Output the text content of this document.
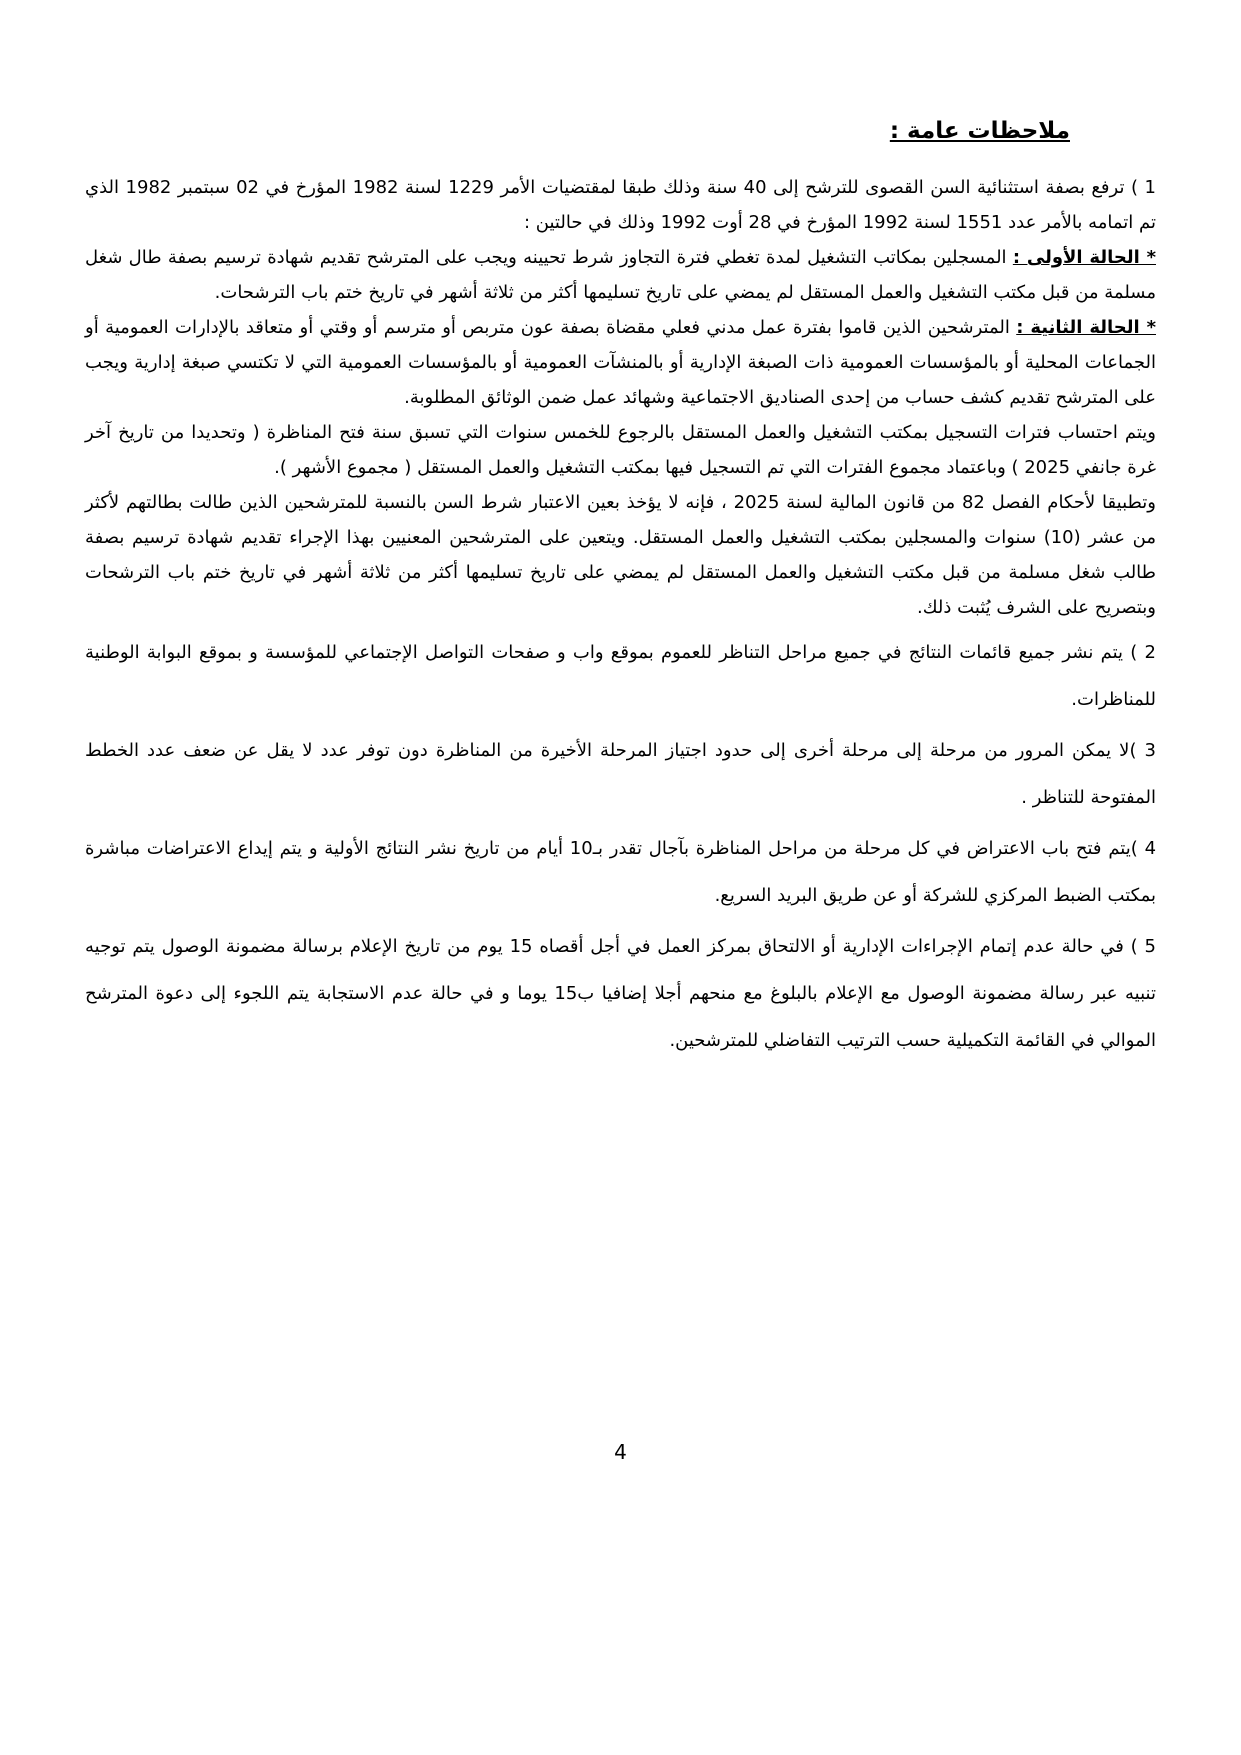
ملاحظات عامة :

1 ) ترفع بصفة استثنائية السن القصوى للترشح إلى 40 سنة وذلك طبقا لمقتضيات الأمر 1229 لسنة 1982 المؤرخ في 02 سبتمبر 1982 الذي تم اتمامه بالأمر عدد 1551 لسنة 1992 المؤرخ في 28 أوت 1992 وذلك في حالتين :

* الحالة الأولى : المسجلين بمكاتب التشغيل لمدة تغطي فترة التجاوز شرط تحيينه ويجب على المترشح تقديم شهادة ترسيم بصفة طال شغل مسلمة من قبل مكتب التشغيل والعمل المستقل لم يمضي على تاريخ تسليمها أكثر من ثلاثة أشهر في تاريخ ختم باب الترشحات.

* الحالة الثانية : المترشحين الذين قاموا بفترة عمل مدني فعلي مقضاة بصفة عون متربص أو مترسم أو وقتي أو متعاقد بالإدارات العمومية أو الجماعات المحلية أو بالمؤسسات العمومية ذات الصبغة الإدارية أو بالمنشآت العمومية أو بالمؤسسات العمومية التي لا تكتسي صبغة إدارية ويجب على المترشح تقديم كشف حساب من إحدى الصناديق الاجتماعية وشهائد عمل ضمن الوثائق المطلوبة.

ويتم احتساب فترات التسجيل بمكتب التشغيل والعمل المستقل بالرجوع للخمس سنوات التي تسبق سنة فتح المناظرة ( وتحديدا من تاريخ آخر غرة جانفي 2025 ) وباعتماد مجموع الفترات التي تم التسجيل فيها بمكتب التشغيل والعمل المستقل ( مجموع الأشهر ).

وتطبيقا لأحكام الفصل 82 من قانون المالية لسنة 2025 ، فإنه لا يؤخذ بعين الاعتبار شرط السن بالنسبة للمترشحين الذين طالت بطالتهم لأكثر من عشر (10) سنوات والمسجلين بمكتب التشغيل والعمل المستقل. ويتعين على المترشحين المعنيين بهذا الإجراء تقديم شهادة ترسيم بصفة طالب شغل مسلمة من قبل مكتب التشغيل والعمل المستقل لم يمضي على تاريخ تسليمها أكثر من ثلاثة أشهر في تاريخ ختم باب الترشحات وبتصريح على الشرف يُثبت ذلك.

2 ) يتم نشر جميع قائمات النتائج في جميع مراحل التناظر للعموم بموقع واب و صفحات التواصل الإجتماعي للمؤسسة و بموقع البوابة الوطنية للمناظرات.

3 )لا يمكن المرور من مرحلة إلى مرحلة أخرى إلى حدود اجتياز المرحلة الأخيرة من المناظرة دون توفر عدد لا يقل عن ضعف عدد الخطط المفتوحة للتناظر .

4 )يتم فتح باب الاعتراض في كل مرحلة من مراحل المناظرة بآجال تقدر بـ10 أيام من تاريخ نشر النتائج الأولية و يتم إيداع الاعتراضات مباشرة بمكتب الضبط المركزي للشركة أو عن طريق البريد السريع.

5 ) في حالة عدم إتمام الإجراءات الإدارية أو الالتحاق بمركز العمل في أجل أقصاه 15 يوم من تاريخ الإعلام برسالة مضمونة الوصول يتم توجيه تنبيه عبر رسالة مضمونة الوصول مع الإعلام بالبلوغ مع منحهم أجلا إضافيا ب15 يوما و في حالة عدم الاستجابة يتم اللجوء إلى دعوة المترشح الموالي في القائمة التكميلية حسب الترتيب التفاضلي للمترشحين.

4
